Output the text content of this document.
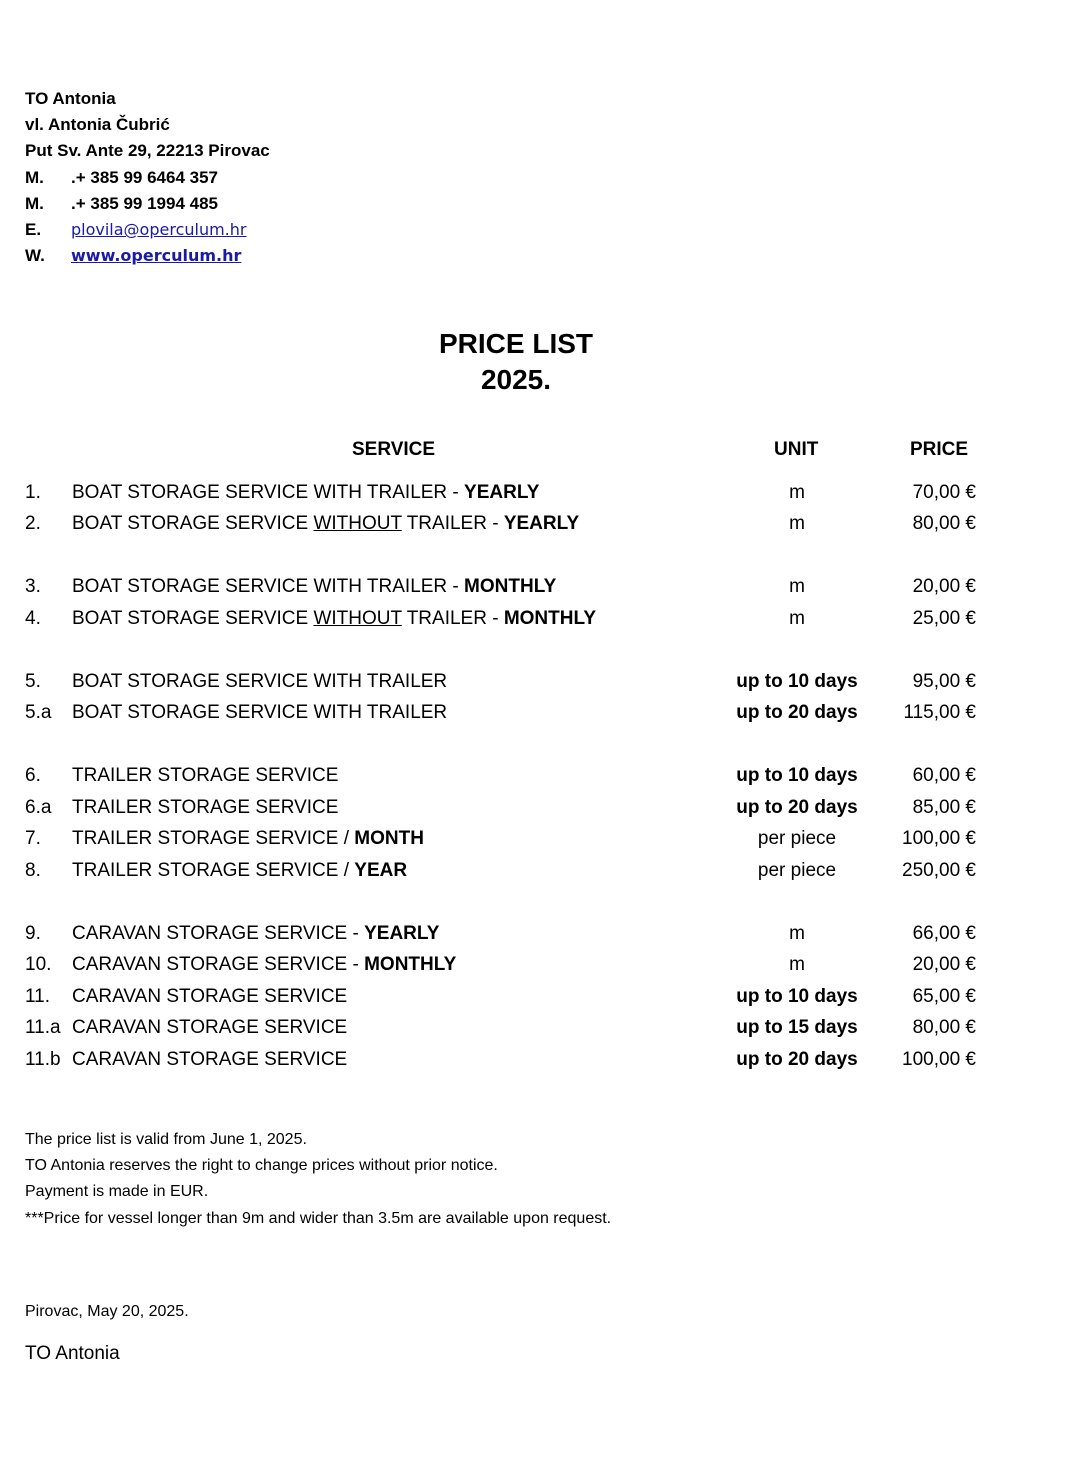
TO Antonia
vl. Antonia Čubrić
Put Sv. Ante 29, 22213 Pirovac
M. .+ 385 99 6464 357
M. .+ 385 99 1994 485
E. plovila@operculum.hr
W. www.operculum.hr
PRICE LIST
2025.
SERVICE	UNIT	PRICE
1. BOAT STORAGE SERVICE WITH TRAILER - YEARLY	m	70,00 €
2. BOAT STORAGE SERVICE WITHOUT TRAILER - YEARLY	m	80,00 €
3. BOAT STORAGE SERVICE WITH TRAILER - MONTHLY	m	20,00 €
4. BOAT STORAGE SERVICE WITHOUT TRAILER - MONTHLY	m	25,00 €
5. BOAT STORAGE SERVICE WITH TRAILER	up to 10 days	95,00 €
5.a BOAT STORAGE SERVICE WITH TRAILER	up to 20 days 115,00 €
6. TRAILER STORAGE SERVICE	up to 10 days	60,00 €
6.a TRAILER STORAGE SERVICE	up to 20 days	85,00 €
7. TRAILER STORAGE SERVICE / MONTH	per piece	100,00 €
8. TRAILER STORAGE SERVICE / YEAR	per piece	250,00 €
9. CARAVAN STORAGE SERVICE - YEARLY	m	66,00 €
10. CARAVAN STORAGE SERVICE - MONTHLY	m	20,00 €
11. CARAVAN STORAGE SERVICE	up to 10 days	65,00 €
11.a CARAVAN STORAGE SERVICE	up to 15 days	80,00 €
11.b CARAVAN STORAGE SERVICE	up to 20 days 100,00 €
The price list is valid from June 1, 2025.
TO Antonia reserves the right to change prices without prior notice.
Payment is made in EUR.
***Price for vessel longer than 9m and wider than 3.5m are available upon request.
Pirovac, May 20, 2025.
TO Antonia
